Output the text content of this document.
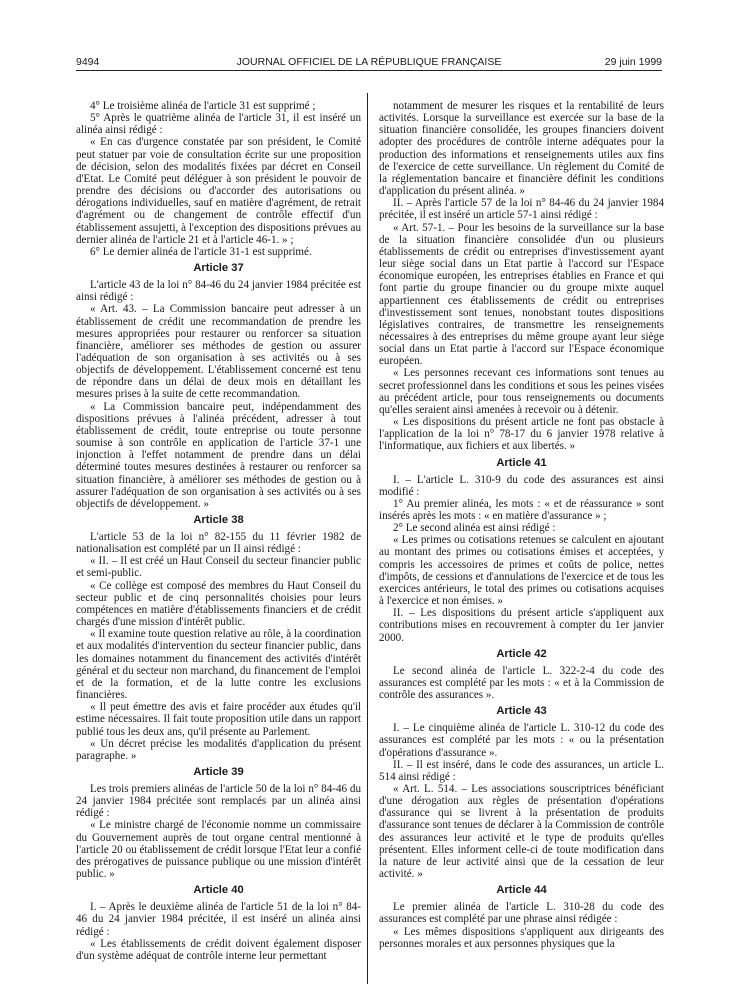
9494	JOURNAL OFFICIEL DE LA RÉPUBLIQUE FRANÇAISE	29 juin 1999

4° Le troisième alinéa de l'article 31 est supprimé ;

5° Après le quatrième alinéa de l'article 31, il est inséré un alinéa ainsi rédigé :

« En cas d'urgence constatée par son président, le Comité peut statuer par voie de consultation écrite sur une proposition de décision, selon des modalités fixées par décret en Conseil d'Etat. Le Comité peut déléguer à son président le pouvoir de prendre des décisions ou d'accorder des autorisations ou dérogations individuelles, sauf en matière d'agrément, de retrait d'agrément ou de changement de contrôle effectif d'un établissement assujetti, à l'exception des dispositions prévues au dernier alinéa de l'article 21 et à l'article 46-1. » ;

6° Le dernier alinéa de l'article 31-1 est supprimé.

Article 37

L'article 43 de la loi n° 84-46 du 24 janvier 1984 précitée est ainsi rédigé :

« Art. 43. – La Commission bancaire peut adresser à un établissement de crédit une recommandation de prendre les mesures appropriées pour restaurer ou renforcer sa situation financière, améliorer ses méthodes de gestion ou assurer l'adéquation de son organisation à ses activités ou à ses objectifs de développement. L'établissement concerné est tenu de répondre dans un délai de deux mois en détaillant les mesures prises à la suite de cette recommandation.

« La Commission bancaire peut, indépendamment des dispositions prévues à l'alinéa précédent, adresser à tout établissement de crédit, toute entreprise ou toute personne soumise à son contrôle en application de l'article 37-1 une injonction à l'effet notamment de prendre dans un délai déterminé toutes mesures destinées à restaurer ou renforcer sa situation financière, à améliorer ses méthodes de gestion ou à assurer l'adéquation de son organisation à ses activités ou à ses objectifs de développement. »

Article 38

L'article 53 de la loi n° 82-155 du 11 février 1982 de nationalisation est complété par un II ainsi rédigé :

« II. – Il est créé un Haut Conseil du secteur financier public et semi-public.

« Ce collège est composé des membres du Haut Conseil du secteur public et de cinq personnalités choisies pour leurs compétences en matière d'établissements financiers et de crédit chargés d'une mission d'intérêt public.

« Il examine toute question relative au rôle, à la coordination et aux modalités d'intervention du secteur financier public, dans les domaines notamment du financement des activités d'intérêt général et du secteur non marchand, du financement de l'emploi et de la formation, et de la lutte contre les exclusions financières.

« Il peut émettre des avis et faire procéder aux études qu'il estime nécessaires. Il fait toute proposition utile dans un rapport publié tous les deux ans, qu'il présente au Parlement.

« Un décret précise les modalités d'application du présent paragraphe. »

Article 39

Les trois premiers alinéas de l'article 50 de la loi n° 84-46 du 24 janvier 1984 précitée sont remplacés par un alinéa ainsi rédigé :

« Le ministre chargé de l'économie nomme un commissaire du Gouvernement auprès de tout organe central mentionné à l'article 20 ou établissement de crédit lorsque l'Etat leur a confié des prérogatives de puissance publique ou une mission d'intérêt public. »

Article 40

I. – Après le deuxième alinéa de l'article 51 de la loi n° 84-46 du 24 janvier 1984 précitée, il est inséré un alinéa ainsi rédigé :

« Les établissements de crédit doivent également disposer d'un système adéquat de contrôle interne leur permettant

notamment de mesurer les risques et la rentabilité de leurs activités. Lorsque la surveillance est exercée sur la base de la situation financière consolidée, les groupes financiers doivent adopter des procédures de contrôle interne adéquates pour la production des informations et renseignements utiles aux fins de l'exercice de cette surveillance. Un règlement du Comité de la réglementation bancaire et financière définit les conditions d'application du présent alinéa. »

II. – Après l'article 57 de la loi n° 84-46 du 24 janvier 1984 précitée, il est inséré un article 57-1 ainsi rédigé :

« Art. 57-1. – Pour les besoins de la surveillance sur la base de la situation financière consolidée d'un ou plusieurs établissements de crédit ou entreprises d'investissement ayant leur siège social dans un Etat partie à l'accord sur l'Espace économique européen, les entreprises établies en France et qui font partie du groupe financier ou du groupe mixte auquel appartiennent ces établissements de crédit ou entreprises d'investissement sont tenues, nonobstant toutes dispositions législatives contraires, de transmettre les renseignements nécessaires à des entreprises du même groupe ayant leur siège social dans un Etat partie à l'accord sur l'Espace économique européen.

« Les personnes recevant ces informations sont tenues au secret professionnel dans les conditions et sous les peines visées au précédent article, pour tous renseignements ou documents qu'elles seraient ainsi amenées à recevoir ou à détenir.

« Les dispositions du présent article ne font pas obstacle à l'application de la loi n° 78-17 du 6 janvier 1978 relative à l'informatique, aux fichiers et aux libertés. »

Article 41

I. – L'article L. 310-9 du code des assurances est ainsi modifié :

1° Au premier alinéa, les mots : « et de réassurance » sont insérés après les mots : « en matière d'assurance » ;

2° Le second alinéa est ainsi rédigé :

« Les primes ou cotisations retenues se calculent en ajoutant au montant des primes ou cotisations émises et acceptées, y compris les accessoires de primes et coûts de police, nettes d'impôts, de cessions et d'annulations de l'exercice et de tous les exercices antérieurs, le total des primes ou cotisations acquises à l'exercice et non émises. »

II. – Les dispositions du présent article s'appliquent aux contributions mises en recouvrement à compter du 1er janvier 2000.

Article 42

Le second alinéa de l'article L. 322-2-4 du code des assurances est complété par les mots : « et à la Commission de contrôle des assurances ».

Article 43

I. – Le cinquième alinéa de l'article L. 310-12 du code des assurances est complété par les mots : « ou la présentation d'opérations d'assurance ».

II. – Il est inséré, dans le code des assurances, un article L. 514 ainsi rédigé :

« Art. L. 514. – Les associations souscriptrices bénéficiant d'une dérogation aux règles de présentation d'opérations d'assurance qui se livrent à la présentation de produits d'assurance sont tenues de déclarer à la Commission de contrôle des assurances leur activité et le type de produits qu'elles présentent. Elles informent celle-ci de toute modification dans la nature de leur activité ainsi que de la cessation de leur activité. »

Article 44

Le premier alinéa de l'article L. 310-28 du code des assurances est complété par une phrase ainsi rédigée :

« Les mêmes dispositions s'appliquent aux dirigeants des personnes morales et aux personnes physiques que la
